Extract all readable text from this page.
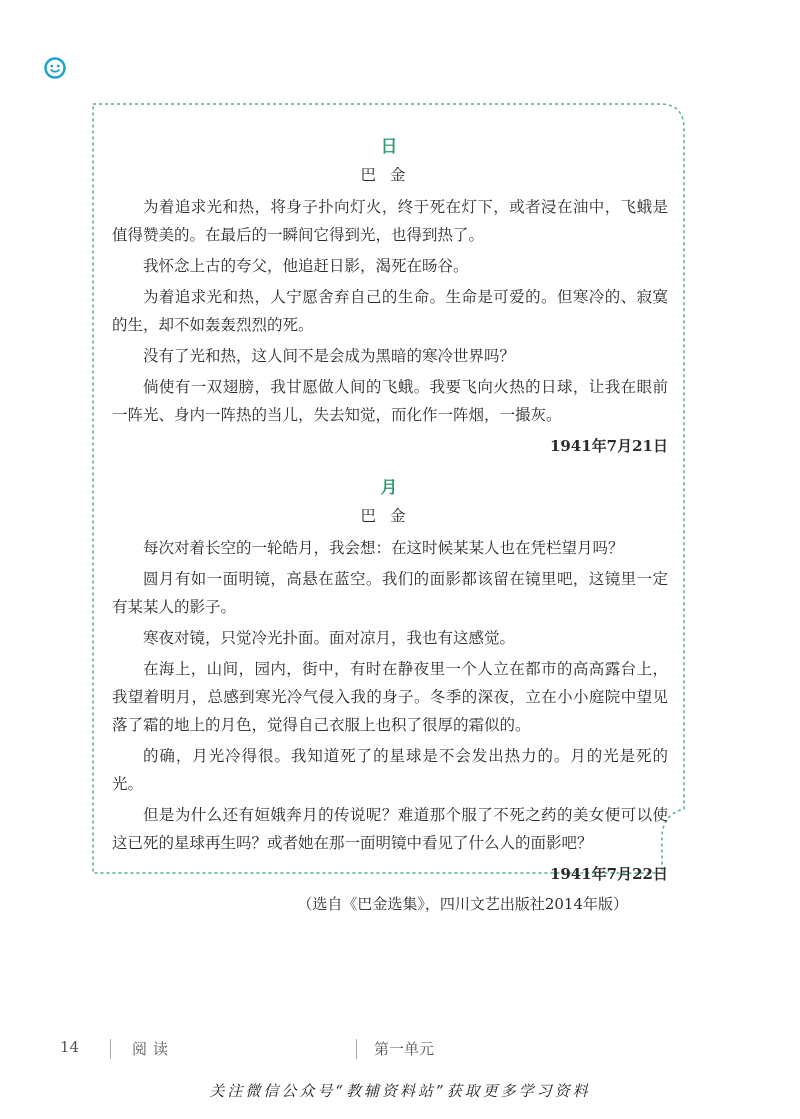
日
巴金

为着追求光和热，将身子扑向灯火，终于死在灯下，或者浸在油中，飞蛾是值得赞美的。在最后的一瞬间它得到光，也得到热了。

我怀念上古的夸父，他追赶日影，渴死在旸谷。

为着追求光和热，人宁愿舍弃自己的生命。生命是可爱的。但寒冷的、寂寞的生，却不如轰轰烈烈的死。

没有了光和热，这人间不是会成为黑暗的寒冷世界吗？

倘使有一双翅膀，我甘愿做人间的飞蛾。我要飞向火热的日球，让我在眼前一阵光、身内一阵热的当儿，失去知觉，而化作一阵烟，一撮灰。

1941年7月21日
月
巴金

每次对着长空的一轮皓月，我会想：在这时候某某人也在凭栏望月吗？

圆月有如一面明镜，高悬在蓝空。我们的面影都该留在镜里吧，这镜里一定有某某人的影子。

寒夜对镜，只觉冷光扑面。面对凉月，我也有这感觉。

在海上，山间，园内，街中，有时在静夜里一个人立在都市的高高露台上，我望着明月，总感到寒光冷气侵入我的身子。冬季的深夜，立在小小庭院中望见落了霜的地上的月色，觉得自己衣服上也积了很厚的霜似的。

的确，月光冷得很。我知道死了的星球是不会发出热力的。月的光是死的光。

但是为什么还有姮娥奔月的传说呢？难道那个服了不死之药的美女便可以使这已死的星球再生吗？或者她在那一面明镜中看见了什么人的面影吧？

1941年7月22日
（选自《巴金选集》，四川文艺出版社2014年版）
14	阅读	第一单元
关注微信公众号“教辅资料站”获取更多学习资料
